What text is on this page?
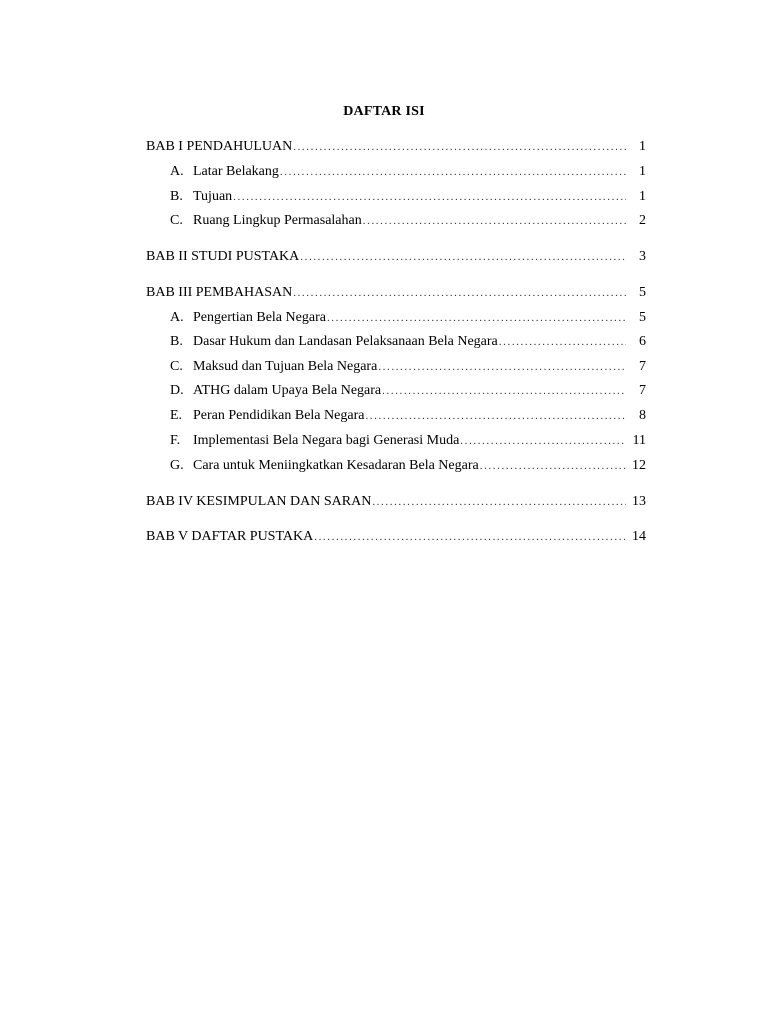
DAFTAR ISI
BAB I PENDAHULUAN .....	1
A. Latar Belakang .....	1
B. Tujuan .....	1
C. Ruang Lingkup Permasalahan .....	2
BAB II STUDI PUSTAKA .....	3
BAB III PEMBAHASAN .....	5
A. Pengertian Bela Negara .....	5
B. Dasar Hukum dan Landasan Pelaksanaan Bela Negara .....	6
C. Maksud dan Tujuan Bela Negara .....	7
D. ATHG dalam Upaya Bela Negara .....	7
E. Peran Pendidikan Bela Negara .....	8
F. Implementasi Bela Negara bagi Generasi Muda .....	11
G. Cara untuk Meniingkatkan Kesadaran Bela Negara .....	12
BAB IV KESIMPULAN DAN SARAN .....	13
BAB V DAFTAR PUSTAKA .....	14
